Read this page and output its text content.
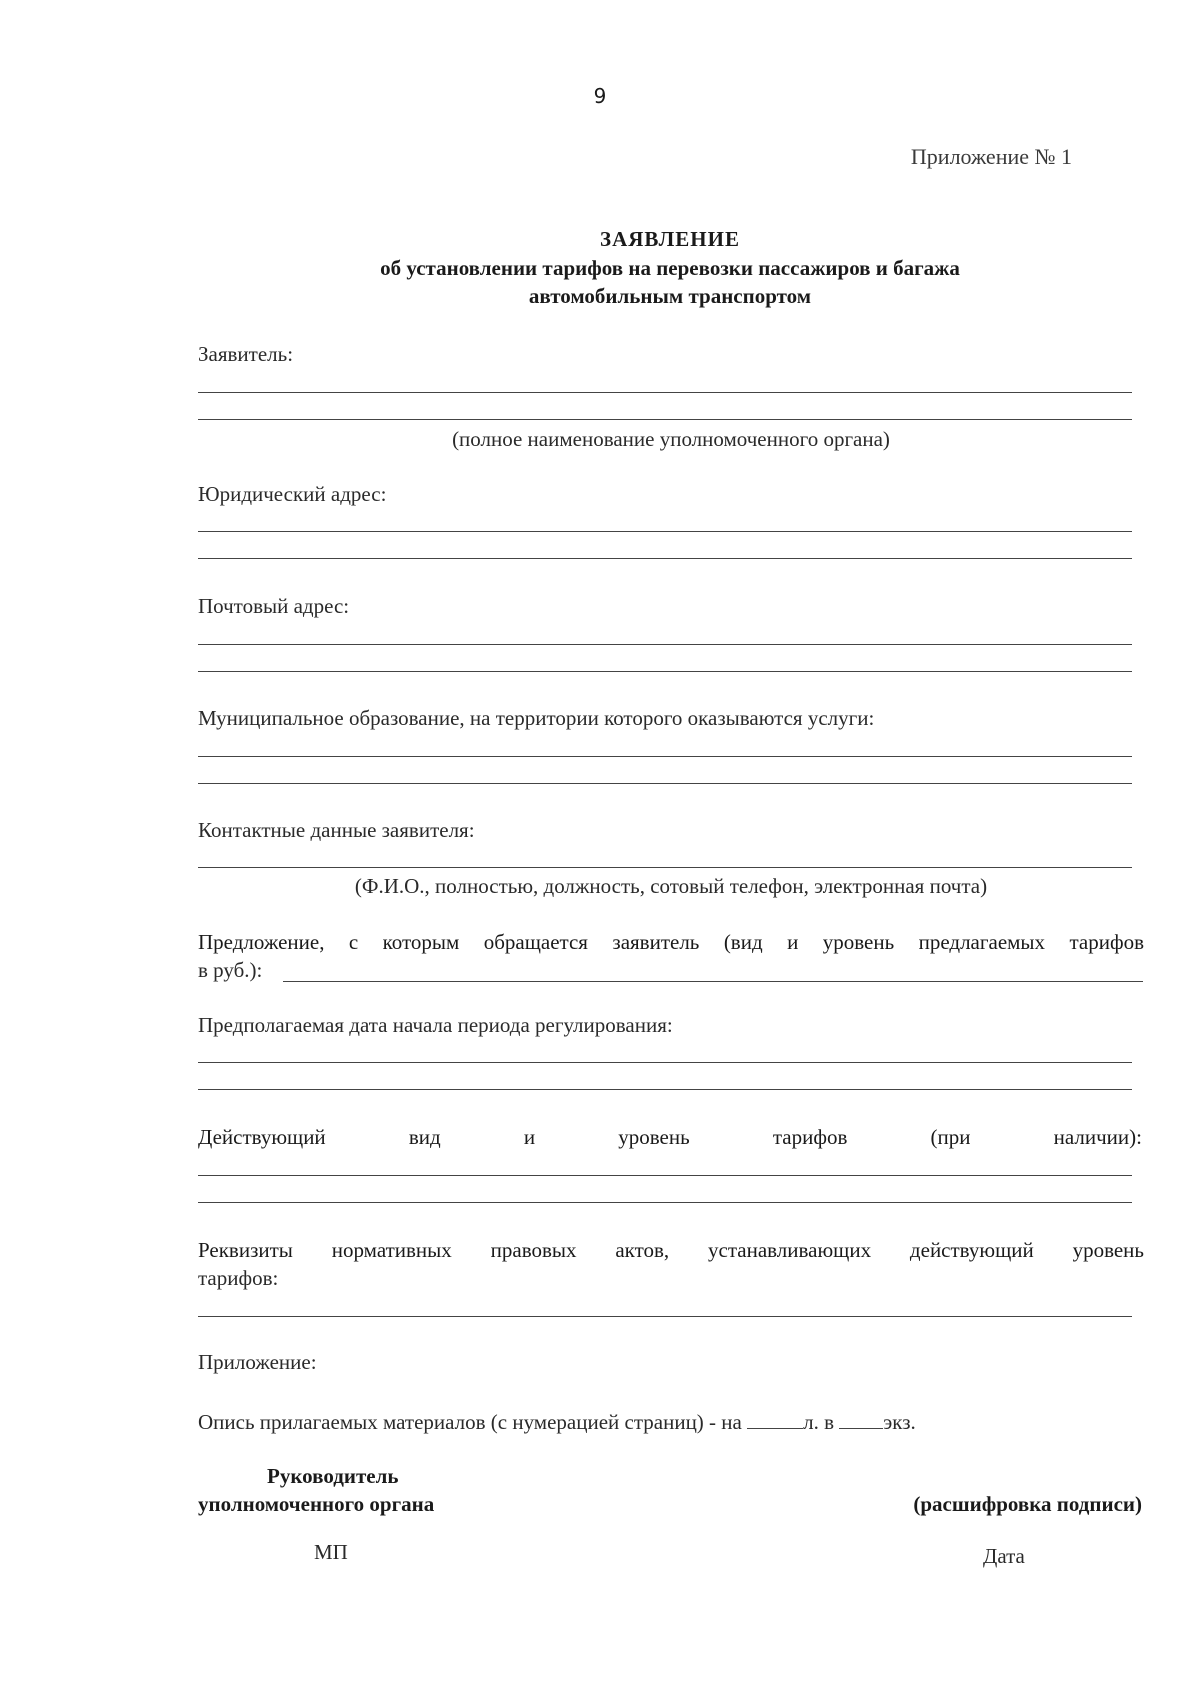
9
Приложение № 1
ЗАЯВЛЕНИЕ
об установлении тарифов на перевозки пассажиров и багажа
автомобильным транспортом
Заявитель:
(полное наименование уполномоченного органа)
Юридический адрес:
Почтовый адрес:
Муниципальное образование, на территории которого оказываются услуги:
Контактные данные заявителя:
(Ф.И.О., полностью, должность, сотовый телефон, электронная почта)
Предложение, с которым обращается заявитель (вид и уровень предлагаемых тарифов
в руб.):
Предполагаемая дата начала периода регулирования:
Действующий вид и уровень тарифов (при наличии):
Реквизиты нормативных правовых актов, устанавливающих действующий уровень
тарифов:
Приложение:
Опись прилагаемых материалов (с нумерацией страниц) - на	л. в экз.
Руководитель
уполномоченного органа	(расшифровка подписи)
МП	Дата
